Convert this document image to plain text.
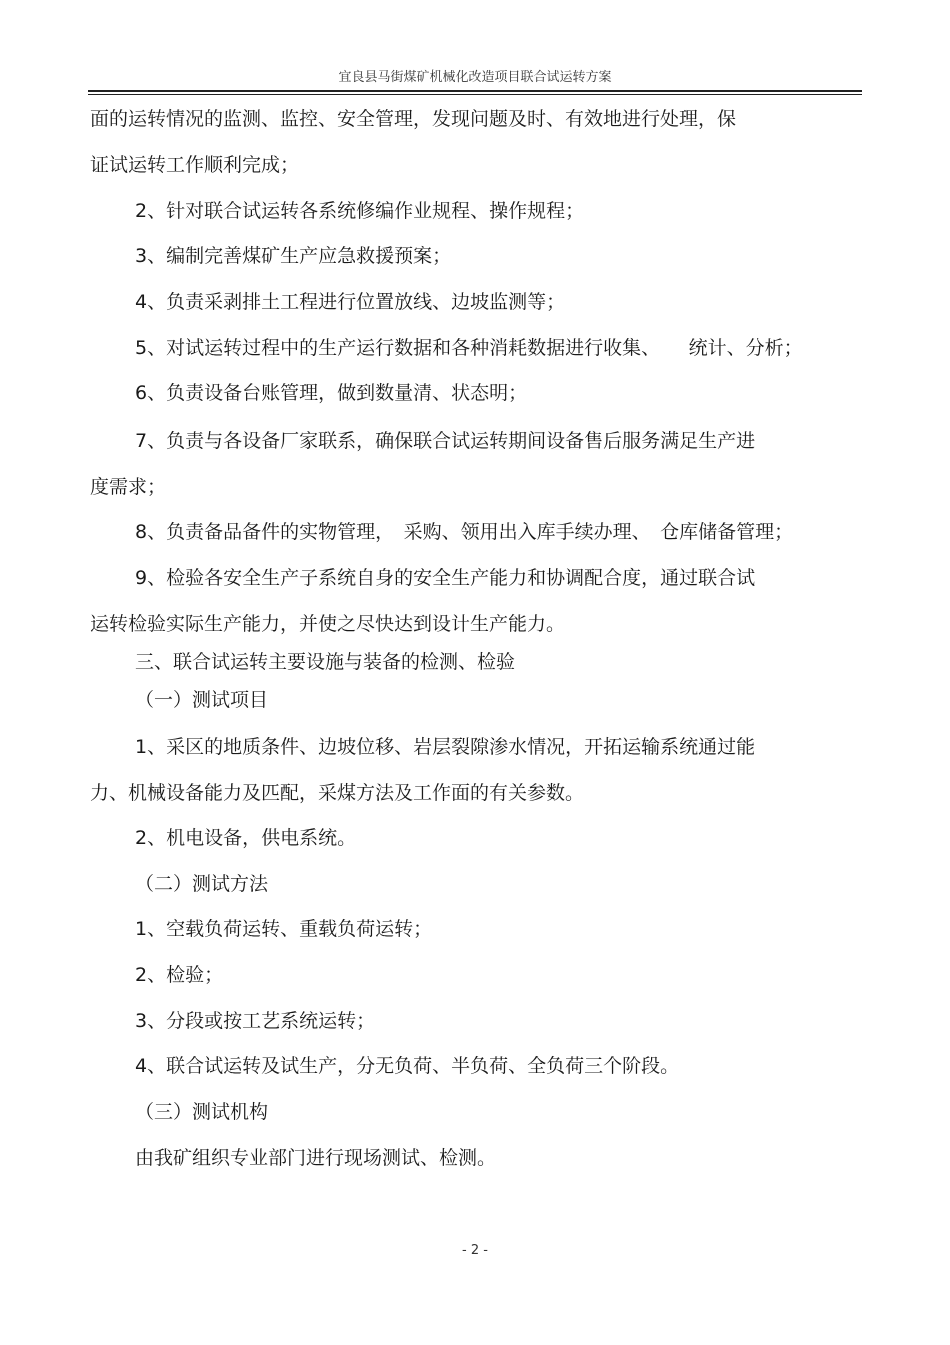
宜良县马街煤矿机械化改造项目联合试运转方案
面的运转情况的监测、监控、安全管理，发现问题及时、有效地进行处理，保
证试运转工作顺利完成；
2、针对联合试运转各系统修编作业规程、操作规程；
3、编制完善煤矿生产应急救援预案；
4、负责采剥排土工程进行位置放线、边坡监测等；
5、对试运转过程中的生产运行数据和各种消耗数据进行收集、　　统计、分析；
6、负责设备台账管理，做到数量清、状态明；
7、负责与各设备厂家联系，确保联合试运转期间设备售后服务满足生产进
度需求；
8、负责备品备件的实物管理，　采购、领用出入库手续办理、　仓库储备管理；
9、检验各安全生产子系统自身的安全生产能力和协调配合度，通过联合试
运转检验实际生产能力，并使之尽快达到设计生产能力。
三、联合试运转主要设施与装备的检测、检验
（一）测试项目
1、采区的地质条件、边坡位移、岩层裂隙渗水情况，开拓运输系统通过能
力、机械设备能力及匹配，采煤方法及工作面的有关参数。
2、机电设备，供电系统。
（二）测试方法
1、空载负荷运转、重载负荷运转；
2、检验；
3、分段或按工艺系统运转；
4、联合试运转及试生产，分无负荷、半负荷、全负荷三个阶段。
（三）测试机构
由我矿组织专业部门进行现场测试、检测。
- 2 -
